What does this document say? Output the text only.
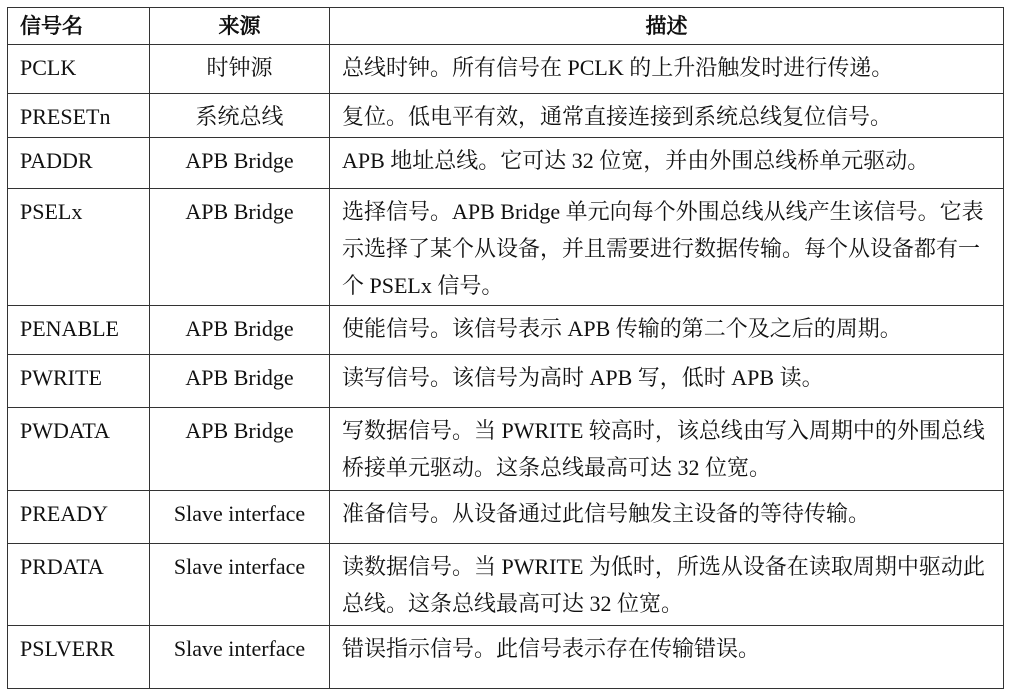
信号名	来源	描述
PCLK	时钟源	总线时钟。所有信号在 PCLK 的上升沿触发时进行传递。
PRESETn	系统总线	复位。低电平有效，通常直接连接到系统总线复位信号。
PADDR	APB Bridge	APB 地址总线。它可达 32 位宽，并由外围总线桥单元驱动。
PSELx	APB Bridge	选择信号。APB Bridge 单元向每个外围总线从线产生该信号。它表示选择了某个从设备，并且需要进行数据传输。每个从设备都有一个 PSELx 信号。
PENABLE	APB Bridge	使能信号。该信号表示 APB 传输的第二个及之后的周期。
PWRITE	APB Bridge	读写信号。该信号为高时 APB 写，低时 APB 读。
PWDATA	APB Bridge	写数据信号。当 PWRITE 较高时，该总线由写入周期中的外围总线桥接单元驱动。这条总线最高可达 32 位宽。
PREADY	Slave interface	准备信号。从设备通过此信号触发主设备的等待传输。
PRDATA	Slave interface	读数据信号。当 PWRITE 为低时，所选从设备在读取周期中驱动此总线。这条总线最高可达 32 位宽。
PSLVERR	Slave interface	错误指示信号。此信号表示存在传输错误。
